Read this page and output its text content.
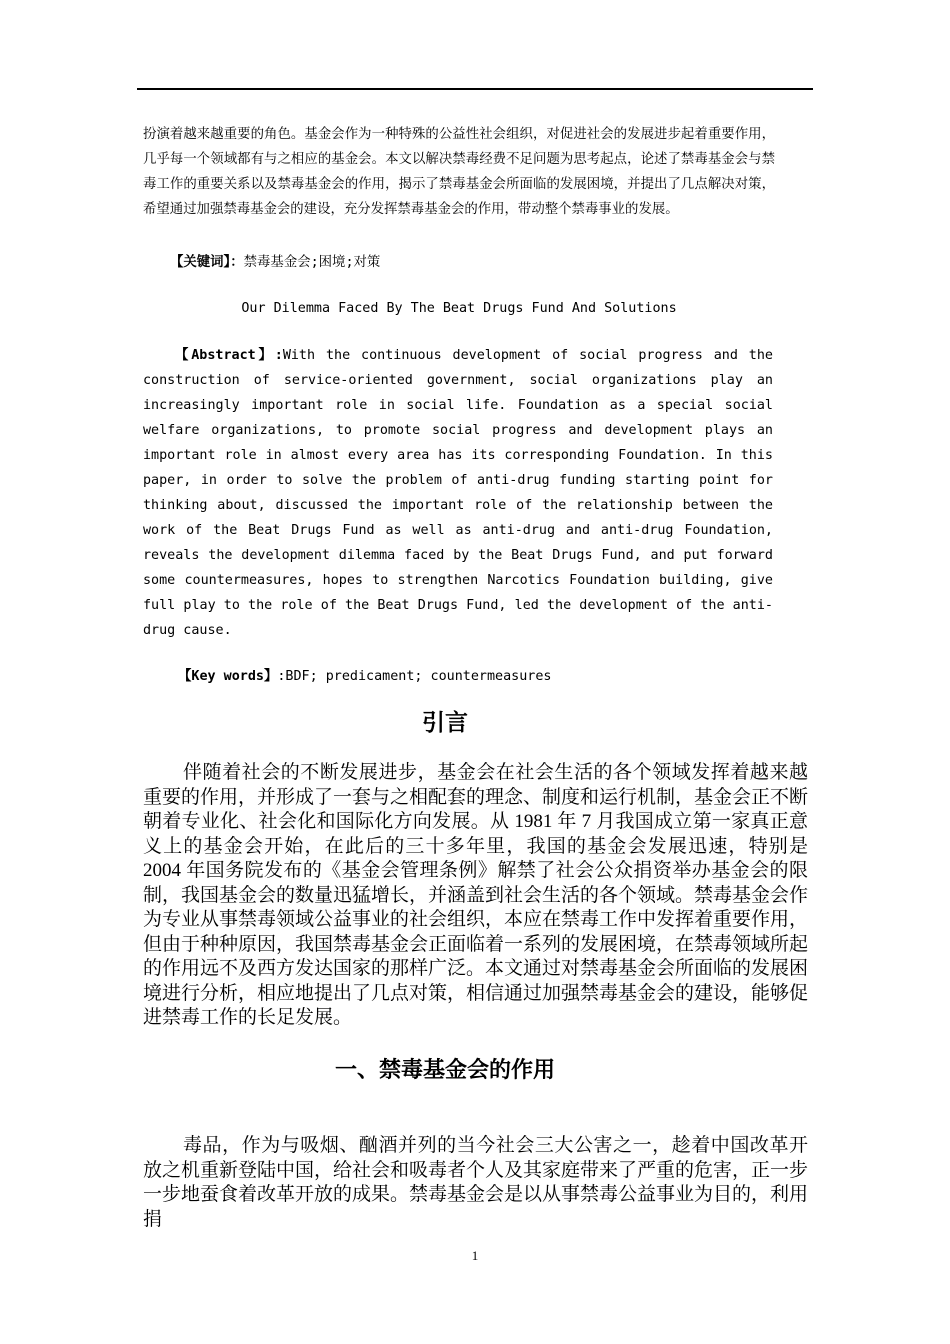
扮演着越来越重要的角色。基金会作为一种特殊的公益性社会组织，对促进社会的发展进步起着重要作用，几乎每一个领域都有与之相应的基金会。本文以解决禁毒经费不足问题为思考起点，论述了禁毒基金会与禁毒工作的重要关系以及禁毒基金会的作用，揭示了禁毒基金会所面临的发展困境，并提出了几点解决对策，希望通过加强禁毒基金会的建设，充分发挥禁毒基金会的作用，带动整个禁毒事业的发展。

【关键词】：禁毒基金会;困境;对策
Our Dilemma Faced By The Beat Drugs Fund And Solutions

【Abstract】:With the continuous development of social progress and the construction of service-oriented government, social organizations play an increasingly important role in social life. Foundation as a special social welfare organizations, to promote social progress and development plays an important role in almost every area has its corresponding Foundation. In this paper, in order to solve the problem of anti-drug funding starting point for thinking about, discussed the important role of the relationship between the work of the Beat Drugs Fund as well as anti-drug and anti-drug Foundation, reveals the development dilemma faced by the Beat Drugs Fund, and put forward some countermeasures, hopes to strengthen Narcotics Foundation building, give full play to the role of the Beat Drugs Fund, led the development of the anti-drug cause.

【Key words】:BDF; predicament; countermeasures
引言

伴随着社会的不断发展进步，基金会在社会生活的各个领域发挥着越来越重要的作用，并形成了一套与之相配套的理念、制度和运行机制，基金会正不断朝着专业化、社会化和国际化方向发展。从 1981 年 7 月我国成立第一家真正意义上的基金会开始，在此后的三十多年里，我国的基金会发展迅速，特别是 2004 年国务院发布的《基金会管理条例》解禁了社会公众捐资举办基金会的限制，我国基金会的数量迅猛增长，并涵盖到社会生活的各个领域。禁毒基金会作为专业从事禁毒领域公益事业的社会组织，本应在禁毒工作中发挥着重要作用，但由于种种原因，我国禁毒基金会正面临着一系列的发展困境，在禁毒领域所起的作用远不及西方发达国家的那样广泛。本文通过对禁毒基金会所面临的发展困境进行分析，相应地提出了几点对策，相信通过加强禁毒基金会的建设，能够促进禁毒工作的长足发展。

一、禁毒基金会的作用

毒品，作为与吸烟、酗酒并列的当今社会三大公害之一，趁着中国改革开放之机重新登陆中国，给社会和吸毒者个人及其家庭带来了严重的危害，正一步一步地蚕食着改革开放的成果。禁毒基金会是以从事禁毒公益事业为目的，利用捐

1
